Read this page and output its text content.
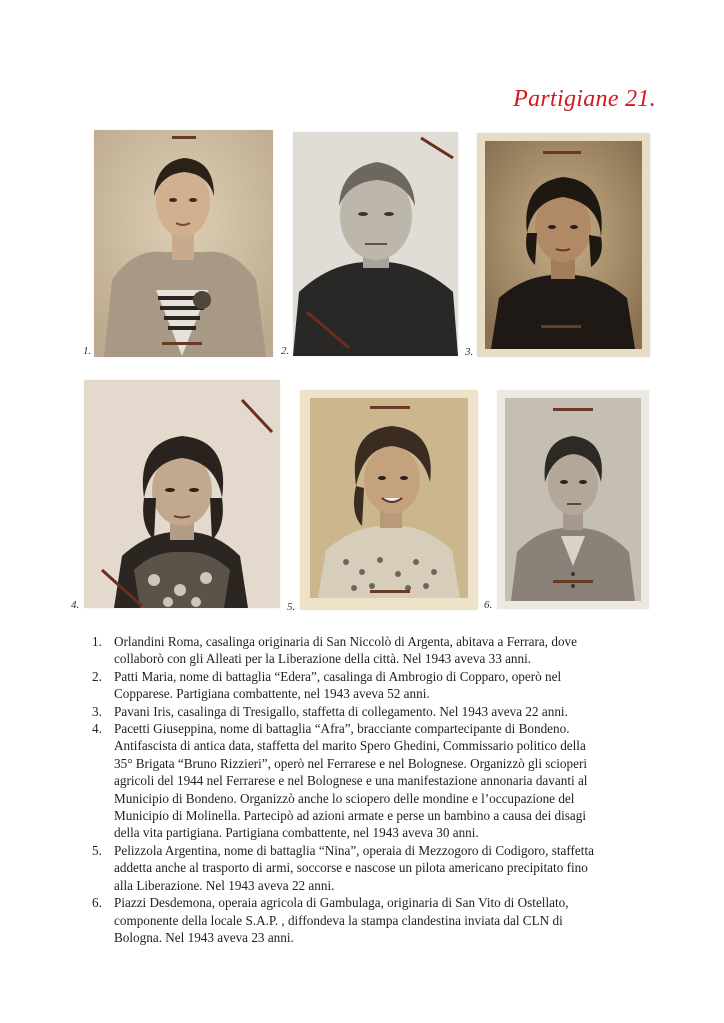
Partigiane 21.
1.	2.	3.
4.	5.	6.
1. Orlandini Roma, casalinga originaria di San Niccolò di Argenta, abitava a Ferrara, dove
collaborò con gli Alleati per la Liberazione della città. Nel 1943 aveva 33 anni.
2. Patti Maria, nome di battaglia “Edera”, casalinga di Ambrogio di Copparo, operò nel
Copparese. Partigiana combattente, nel 1943 aveva 52 anni.
3. Pavani Iris, casalinga di Tresigallo, staffetta di collegamento. Nel 1943 aveva 22 anni.
4. Pacetti Giuseppina, nome di battaglia “Afra”, bracciante compartecipante di Bondeno.
Antifascista di antica data, staffetta del marito Spero Ghedini, Commissario politico della
35° Brigata “Bruno Rizzieri”, operò nel Ferrarese e nel Bolognese. Organizzò gli scioperi
agricoli del 1944 nel Ferrarese e nel Bolognese e una manifestazione annonaria davanti al
Municipio di Bondeno. Organizzò anche lo sciopero delle mondine e l’occupazione del
Municipio di Molinella. Partecipò ad azioni armate e perse un bambino a causa dei disagi
della vita partigiana. Partigiana combattente, nel 1943 aveva 30 anni.
5. Pelizzola Argentina, nome di battaglia “Nina”, operaia di Mezzogoro di Codigoro, staffetta
addetta anche al trasporto di armi, soccorse e nascose un pilota americano precipitato fino
alla Liberazione. Nel 1943 aveva 22 anni.
6. Piazzi Desdemona, operaia agricola di Gambulaga, originaria di San Vito di Ostellato,
componente della locale S.A.P. , diffondeva la stampa clandestina inviata dal CLN di
Bologna. Nel 1943 aveva 23 anni.
